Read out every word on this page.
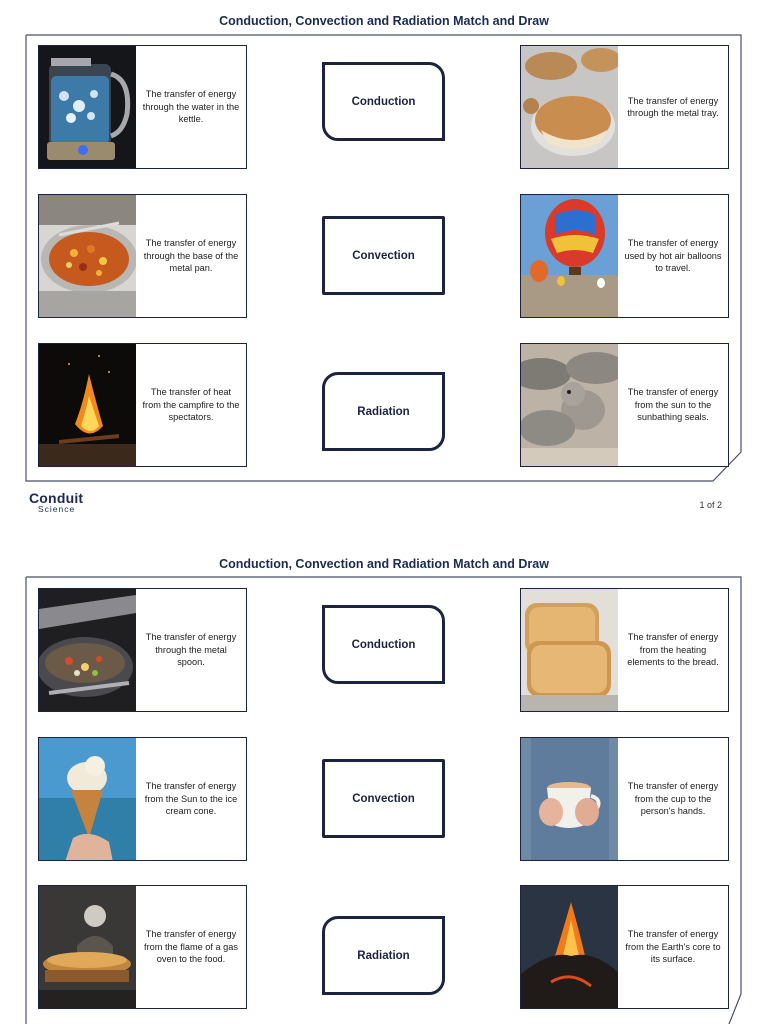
Conduction, Convection and Radiation Match and Draw
The transfer of energy through the water in the kettle.
The transfer of energy through the base of the metal pan.
The transfer of heat from the campfire to the spectators.
Conduction
Convection
Radiation
The transfer of energy through the metal tray.
The transfer of energy used by hot air balloons to travel.
The transfer of energy from the sun to the sunbathing seals.
Conduit
Science	1 of 2
Conduction, Convection and Radiation Match and Draw
The transfer of energy through the metal spoon.
The transfer of energy from the Sun to the ice cream cone.
The transfer of energy from the flame of a gas oven to the food.
Conduction
Convection
Radiation
The transfer of energy from the heating elements to the bread.
The transfer of energy from the cup to the person's hands.
The transfer of energy from the Earth's core to its surface.
